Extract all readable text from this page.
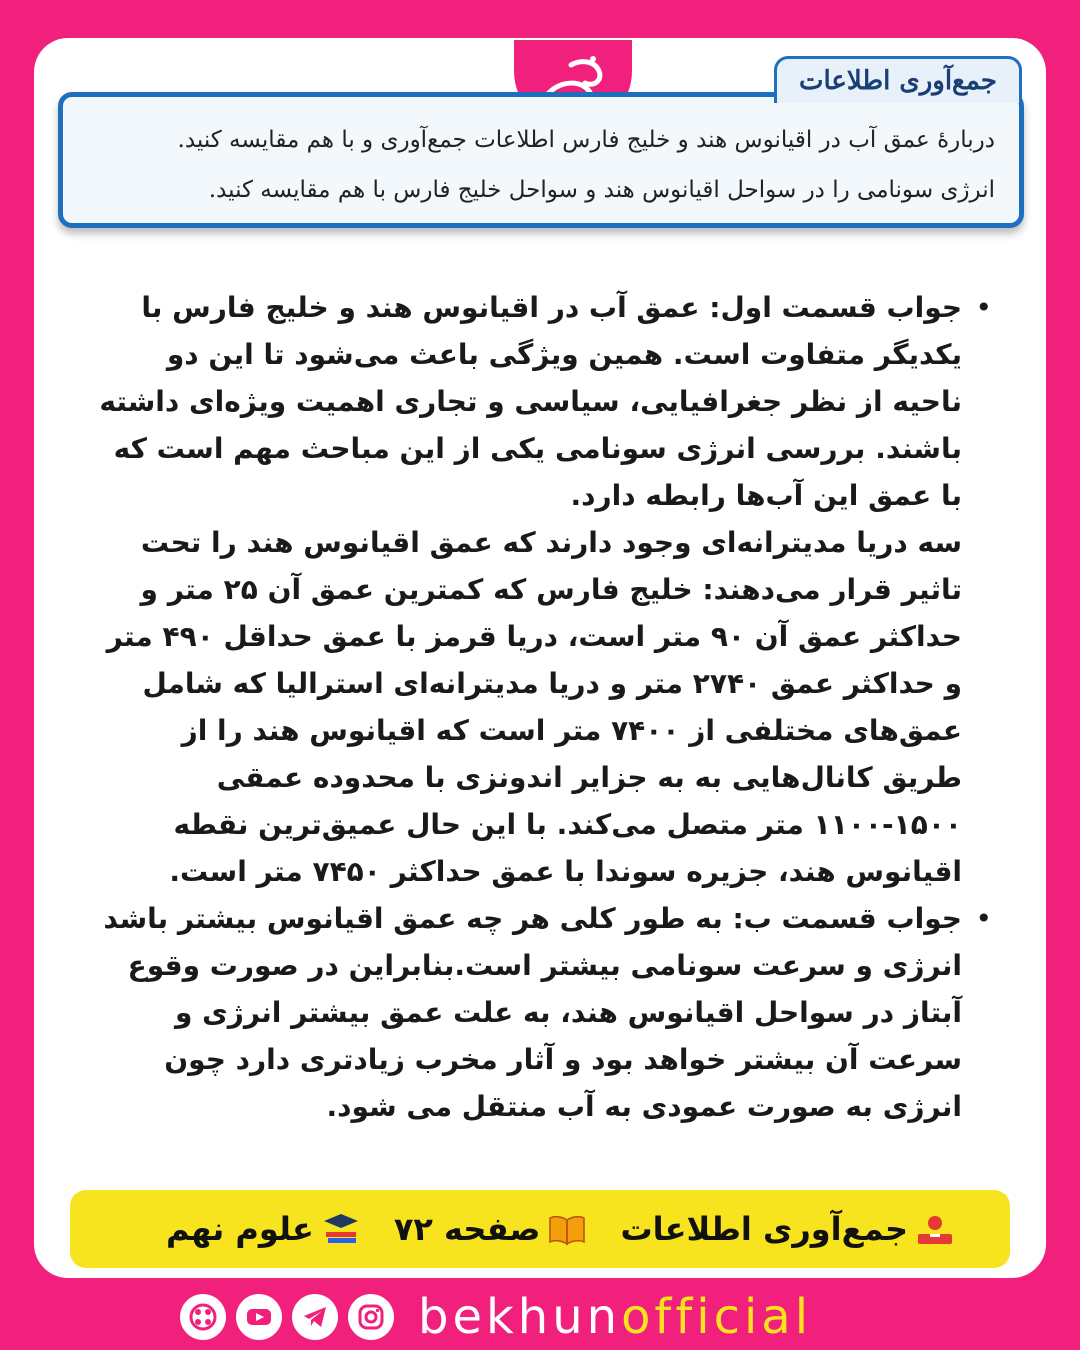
دربارهٔ عمق آب در اقیانوس هند و خلیج فارس اطلاعات جمع‌آوری و با هم مقایسه کنید.
انرژی سونامی را در سواحل اقیانوس هند و سواحل خلیج فارس با هم مقایسه کنید.
جمع‌آوری اطلاعات
•

جواب قسمت اول: عمق آب در اقیانوس هند و خلیج فارس با یکدیگر متفاوت است. همین ویژگی باعث می‌شود تا این دو ناحیه از نظر جغرافیایی، سیاسی و تجاری اهمیت ویژه‌ای داشته باشند. بررسی انرژی سونامی یکی از این مباحث مهم است که با عمق این آب‌ها رابطه دارد.

سه دریا مدیترانه‌ای وجود دارند که عمق اقیانوس هند را تحت تاثیر قرار می‌دهند: خلیج فارس که کمترین عمق آن ۲۵ متر و حداکثر عمق آن ۹۰ متر است، دریا قرمز با عمق حداقل ۴۹۰ متر و حداکثر عمق ۲۷۴۰ متر و دریا مدیترانه‌ای استرالیا که شامل عمق‌های مختلفی از ۷۴۰۰ متر است که اقیانوس هند را از طریق کانال‌هایی به به جزایر اندونزی با محدوده عمقی ۱۵۰۰-۱۱۰۰ متر متصل می‌کند. با این حال عمیق‌ترین نقطه اقیانوس هند، جزیره سوندا با عمق حداکثر ۷۴۵۰ متر است.

•

جواب قسمت ب: به طور کلی هر چه عمق اقیانوس بیشتر باشد انرژی و سرعت سونامی بیشتر است.بنابراین در صورت وقوع آبتاز در سواحل اقیانوس هند، به علت عمق بیشتر انرژی و سرعت آن بیشتر خواهد بود و آثار مخرب زیادتری دارد چون انرژی به صورت عمودی به آب منتقل می شود.

جمع‌آوری اطلاعات
صفحه ۷۲
علوم نهم
bekhunofficial
